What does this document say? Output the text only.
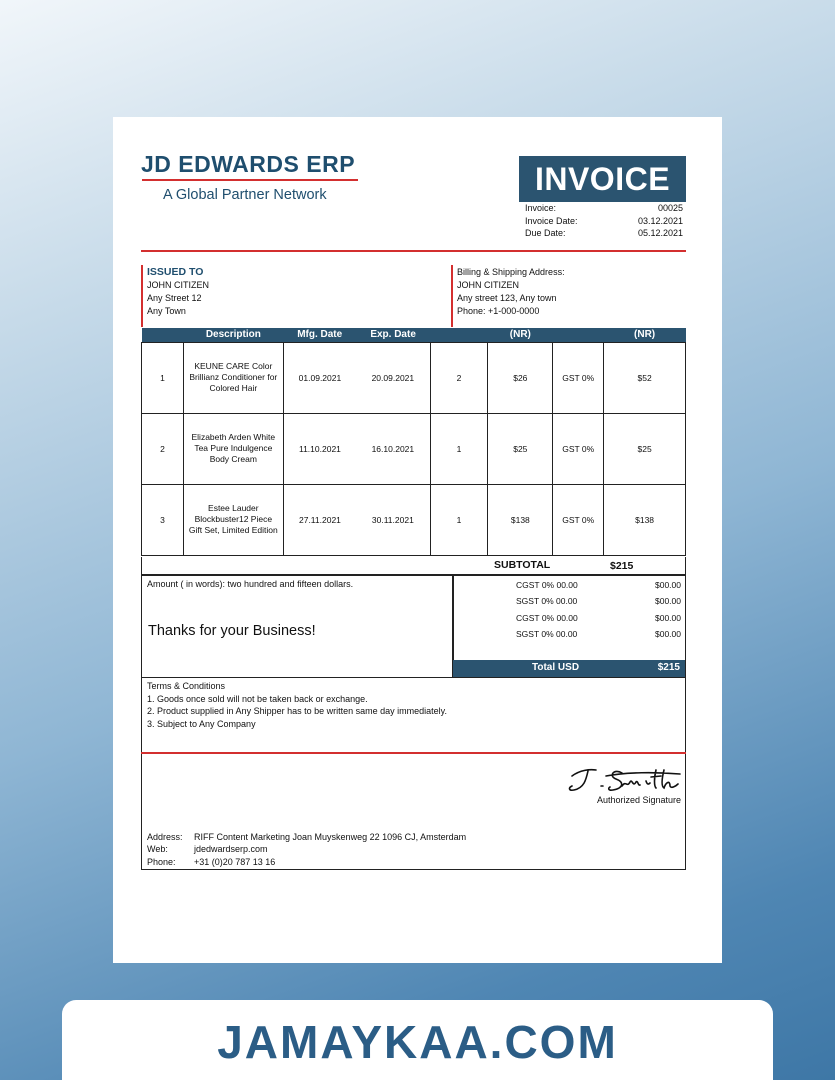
JD EDWARDS ERP
A Global Partner Network	INVOICE
Invoice:	00025
Invoice Date:	03.12.2021
Due Date:	05.12.2021
ISSUED TO
JOHN CITIZEN
Any Street 12
Any Town
Billing & Shipping Address:
JOHN CITIZEN
Any street 123, Any town
Phone: +1-000-0000
	Description	Mfg. Date	Exp. Date		(NR)		(NR)
1	KEUNE CARE Color Brillianz Conditioner for Colored Hair	01.09.2021	20.09.2021	2	$26	GST 0%	$52
2	Elizabeth Arden White Tea Pure Indulgence Body Cream	11.10.2021	16.10.2021	1	$25	GST 0%	$25
3	Estee Lauder Blockbuster12 Piece Gift Set, Limited Edition	27.11.2021	30.11.2021	1	$138	GST 0%	$138
SUBTOTAL	$215
Amount ( in words): two hundred and fifteen dollars.
Thanks for your Business!
CGST 0% 00.00	$00.00
SGST 0% 00.00	$00.00
CGST 0% 00.00	$00.00
SGST 0% 00.00	$00.00
Total USD	$215
Terms & Conditions
1. Goods once sold will not be taken back or exchange.
2. Product supplied in Any Shipper has to be written same day immediately.
3. Subject to Any Company
Authorized Signature
Address: RIFF Content Marketing Joan Muyskenweg 22 1096 CJ, Amsterdam
Web:	jdedwardserp.com
Phone: +31 (0)20 787 13 16
JAMAYKAA.COM
